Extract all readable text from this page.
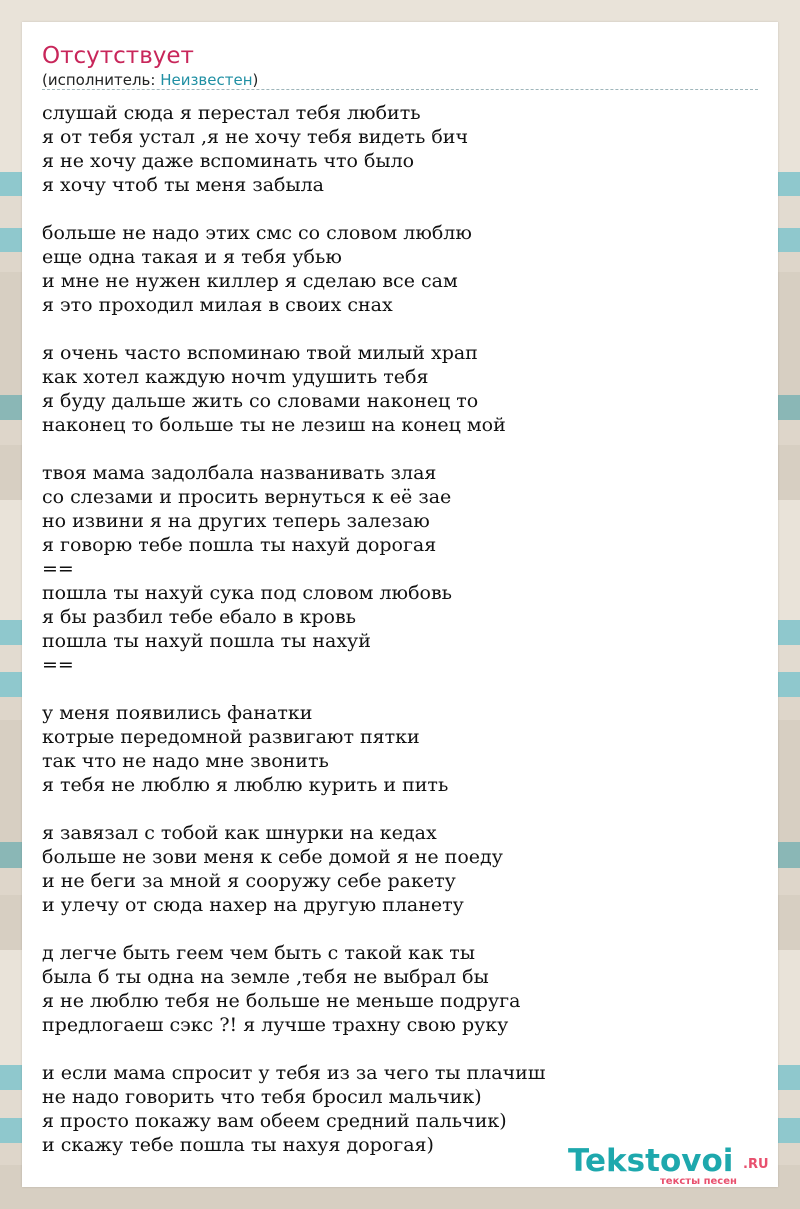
Отсутствует
(исполнитель: Неизвестен)
слушай сюда я перестал тебя любить
я от тебя устал ,я не хочу тебя видеть бич
я не хочу даже вспоминать что было
я хочу чтоб ты меня забыла
больше не надо этих смс со словом люблю
еще одна такая и я тебя убью
и мне не нужен киллер я сделаю все сам
я это проходил милая в своих снах
я очень часто вспоминаю твой милый храп
как хотел каждую ночm удушить тебя
я буду дальше жить со словами наконец то
наконец то больше ты не лезиш на конец мой
твоя мама задолбала названивать злая
со слезами и просить вернуться к её зае
но извини я на других теперь залезаю
я говорю тебе пошла ты нахуй дорогая
==
пошла ты нахуй сука под словом любовь
я бы разбил тебе ебало в кровь
пошла ты нахуй пошла ты нахуй
==
у меня появились фанатки
котрые передомной развигают пятки
так что не надо мне звонить
я тебя не люблю я люблю курить и пить
я завязал с тобой как шнурки на кедах
больше не зови меня к себе домой я не поеду
и не беги за мной я сооружу себе ракету
и улечу от сюда нахер на другую планету
д легче быть геем чем быть с такой как ты
была б ты одна на земле ,тебя не выбрал бы
я не люблю тебя не больше не меньше подруга
предлогаеш сэкс ?! я лучше трахну свою руку
и если мама спросит у тебя из за чего ты плачиш
не надо говорить что тебя бросил мальчик)
я просто покажу вам обеем средний пальчик)
и скажу тебе пошла ты нахуя дорогая)	Tekstovoi .RU
тексты песен
